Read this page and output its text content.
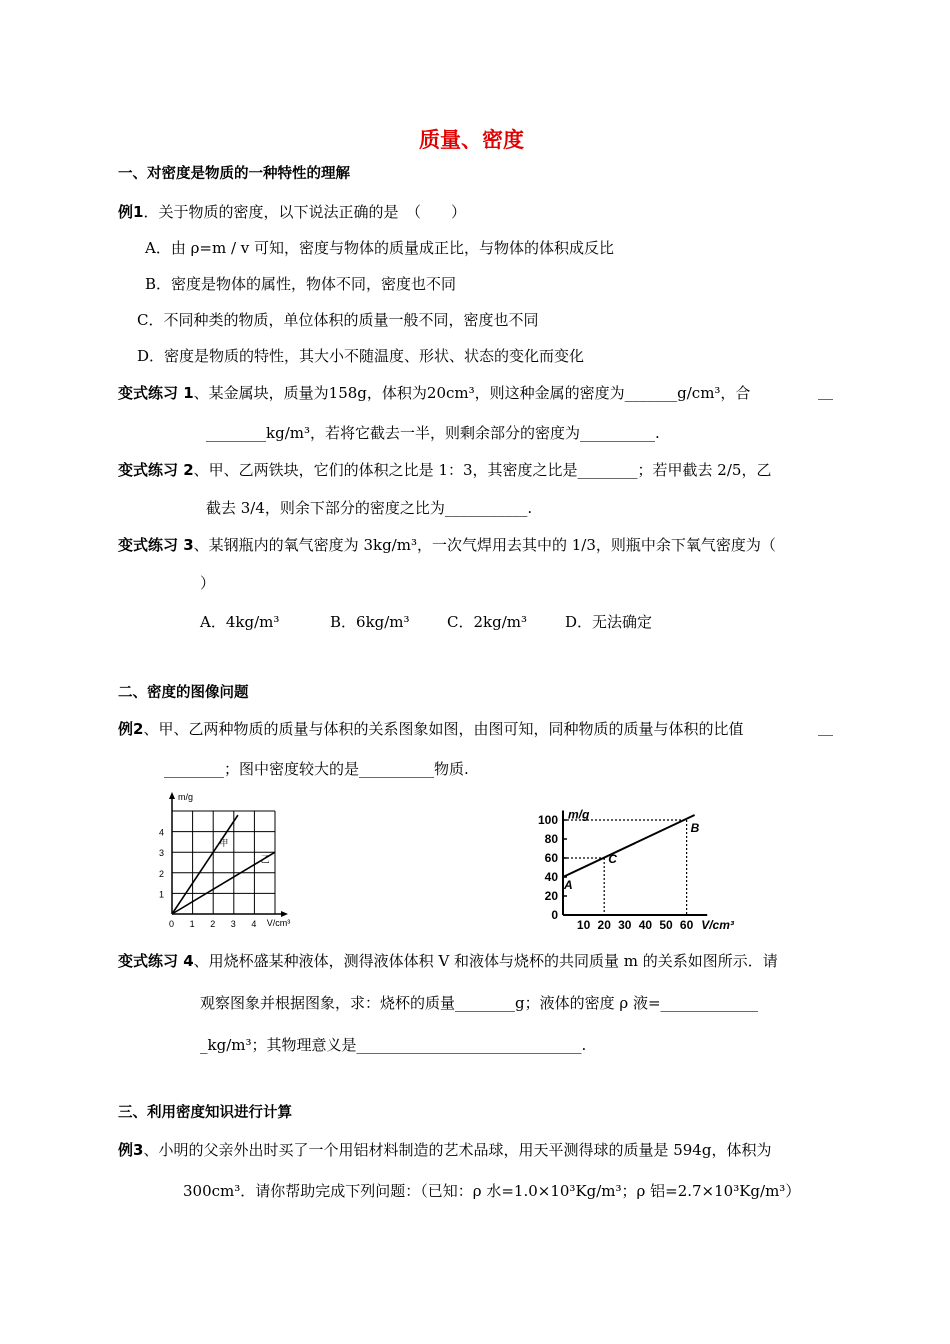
质量、密度
一、对密度是物质的一种特性的理解
例1．关于物质的密度，以下说法正确的是　（　　）
A．由 ρ=m / v 可知，密度与物体的质量成正比，与物体的体积成反比
B．密度是物体的属性，物体不同，密度也不同
C．不同种类的物质，单位体积的质量一般不同，密度也不同
D．密度是物质的特性，其大小不随温度、形状、状态的变化而变化
变式练习 1、某金属块，质量为158g，体积为20cm³，则这种金属的密度为_______g/cm³，合	__
________kg/m³，若将它截去一半，则剩余部分的密度为__________.
变式练习 2、甲、乙两铁块，它们的体积之比是 1：3，其密度之比是________；若甲截去 2/5，乙
截去 3/4，则余下部分的密度之比为___________.
变式练习 3、某钢瓶内的氧气密度为 3kg/m³，一次气焊用去其中的 1/3，则瓶中余下氧气密度为（
）
A．4kg/m³	B．6kg/m³ C．2kg/m³	D．无法确定
二、密度的图像问题
例2、甲、乙两种物质的质量与体积的关系图象如图，由图可知，同种物质的质量与体积的比值	__
________；图中密度较大的是__________物质.
甲
乙
0 1 2 3 4
1
2
3
4
m/g
V/cm³
A
C
B
0
20
40
60
80
100
10 20 30 40 50 60
m/g
V/cm³
变式练习 4、用烧杯盛某种液体，测得液体体积 V 和液体与烧杯的共同质量 m 的关系如图所示．请
观察图象并根据图象，求：烧杯的质量________g；液体的密度 ρ 液=_____________
_kg/m³；其物理意义是______________________________.
三、利用密度知识进行计算
例3、小明的父亲外出时买了一个用铝材料制造的艺术品球，用天平测得球的质量是 594g，体积为
300cm³．请你帮助完成下列问题：（已知：ρ 水=1.0×10³Kg/m³；ρ 铝=2.7×10³Kg/m³）
